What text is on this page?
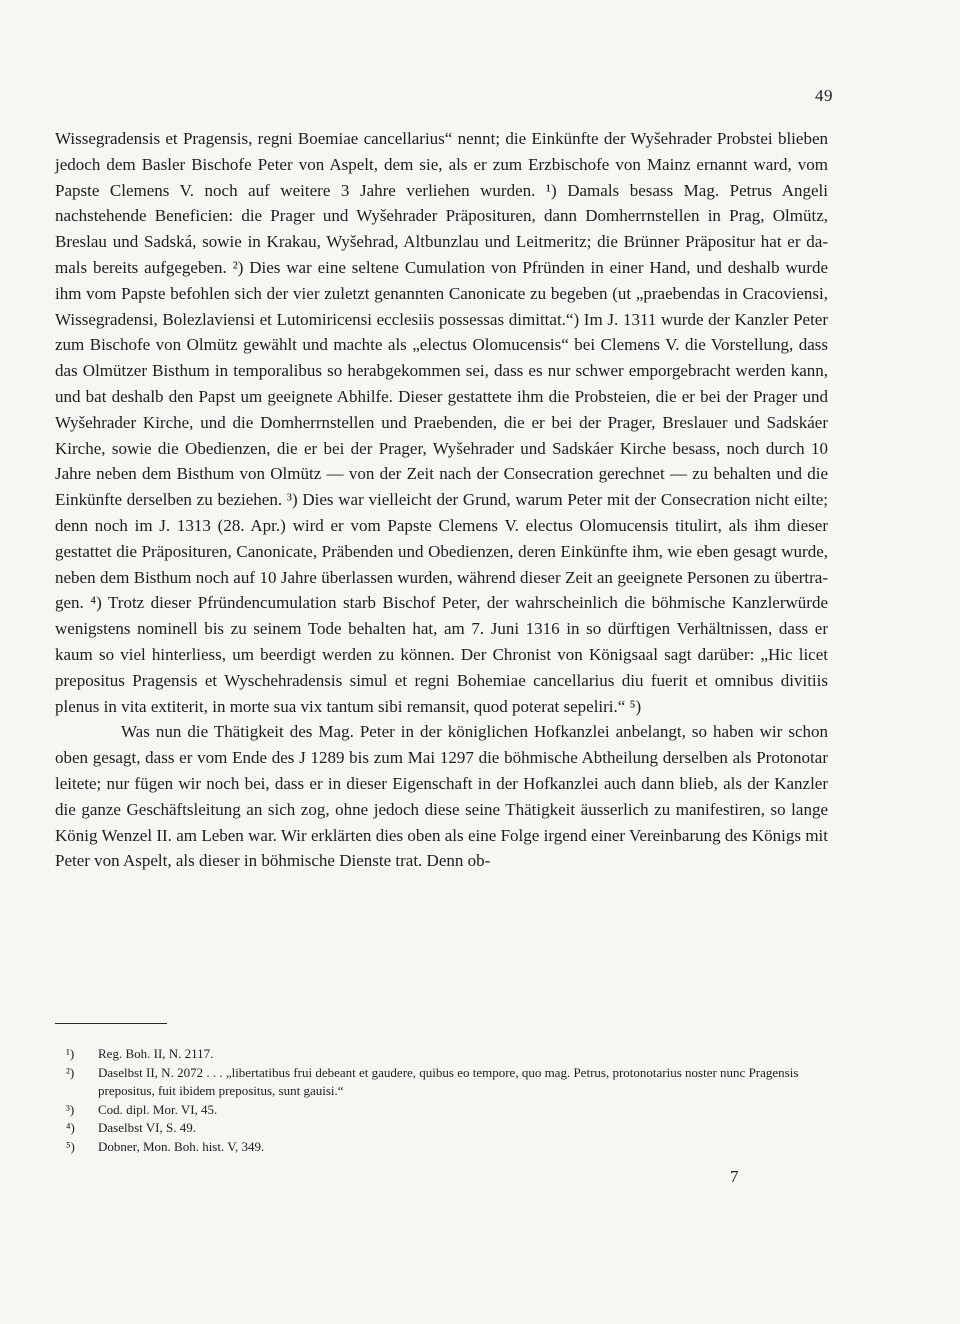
49

Wissegradensis et Pragensis, regni Boemiae cancellarius“ nennt; die Einkünfte der Wyšehrader Probstei blieben jedoch dem Basler Bischofe Peter von Aspelt, dem sie, als er zum Erzbischofe von Mainz ernannt ward, vom Papste Clemens V. noch auf weitere 3 Jahre verliehen wurden. ¹) Damals besass Mag. Petrus Angeli nachstehende Beneficien: die Prager und Wyšehrader Präposituren, dann Domherrnstellen in Prag, Olmütz, Breslau und Sadská, sowie in Krakau, Wyšehrad, Altbunzlau und Leitmeritz; die Brünner Präpositur hat er damals bereits aufgegeben. ²) Dies war eine seltene Cumulation von Pfründen in einer Hand, und deshalb wurde ihm vom Papste befohlen sich der vier zuletzt genannten Canonicate zu begeben (ut „praebendas in Cracoviensi, Wissegradensi, Bolezlaviensi et Lutomiricensi ecclesiis possessas dimittat.“) Im J. 1311 wurde der Kanzler Peter zum Bischofe von Olmütz gewählt und machte als „electus Olomucensis“ bei Clemens V. die Vorstellung, dass das Olmützer Bisthum in temporalibus so herabgekommen sei, dass es nur schwer emporgebracht werden kann, und bat deshalb den Papst um geeignete Abhilfe. Dieser gestattete ihm die Probsteien, die er bei der Prager und Wyšehrader Kirche, und die Domherrnstellen und Praebenden, die er bei der Prager, Breslauer und Sadskáer Kirche, sowie die Obedienzen, die er bei der Prager, Wyšehrader und Sadskáer Kirche besass, noch durch 10 Jahre neben dem Bisthum von Olmütz — von der Zeit nach der Consecration gerechnet — zu behalten und die Einkünfte derselben zu beziehen. ³) Dies war vielleicht der Grund, warum Peter mit der Consecration nicht eilte; denn noch im J. 1313 (28. Apr.) wird er vom Papste Clemens V. electus Olomucensis titulirt, als ihm dieser gestattet die Präposituren, Canonicate, Präbenden und Obedienzen, deren Einkünfte ihm, wie eben gesagt wurde, neben dem Bisthum noch auf 10 Jahre überlassen wurden, während dieser Zeit an geeignete Personen zu übertragen. ⁴) Trotz dieser Pfründencumulation starb Bischof Peter, der wahrscheinlich die böhmische Kanzlerwürde wenigstens nominell bis zu seinem Tode behalten hat, am 7. Juni 1316 in so dürftigen Verhältnissen, dass er kaum so viel hinterliess, um beerdigt werden zu können. Der Chronist von Königsaal sagt darüber: „Hic licet prepositus Pragensis et Wyschehradensis simul et regni Bohemiae cancellarius diu fuerit et omnibus divitiis plenus in vita extiterit, in morte sua vix tantum sibi remansit, quod poterat sepeliri.“ ⁵)

Was nun die Thätigkeit des Mag. Peter in der königlichen Hofkanzlei anbelangt, so haben wir schon oben gesagt, dass er vom Ende des J 1289 bis zum Mai 1297 die böhmische Abtheilung derselben als Protonotar leitete; nur fügen wir noch bei, dass er in dieser Eigenschaft in der Hofkanzlei auch dann blieb, als der Kanzler die ganze Geschäftsleitung an sich zog, ohne jedoch diese seine Thätigkeit äusserlich zu manifestiren, so lange König Wenzel II. am Leben war. Wir erklärten dies oben als eine Folge irgend einer Vereinbarung des Königs mit Peter von Aspelt, als dieser in böhmische Dienste trat. Denn ob-

¹)	Reg. Boh. II, N. 2117.
²)	Daselbst II, N. 2072 . . . „libertatibus frui debeant et gaudere, quibus eo tempore, quo mag. Petrus, protonotarius noster nunc Pragensis prepositus, fuit ibidem prepositus, sunt gauisi.“
³)	Cod. dipl. Mor. VI, 45.
⁴)	Daselbst VI, S. 49.
⁵)	Dobner, Mon. Boh. hist. V, 349.
7
